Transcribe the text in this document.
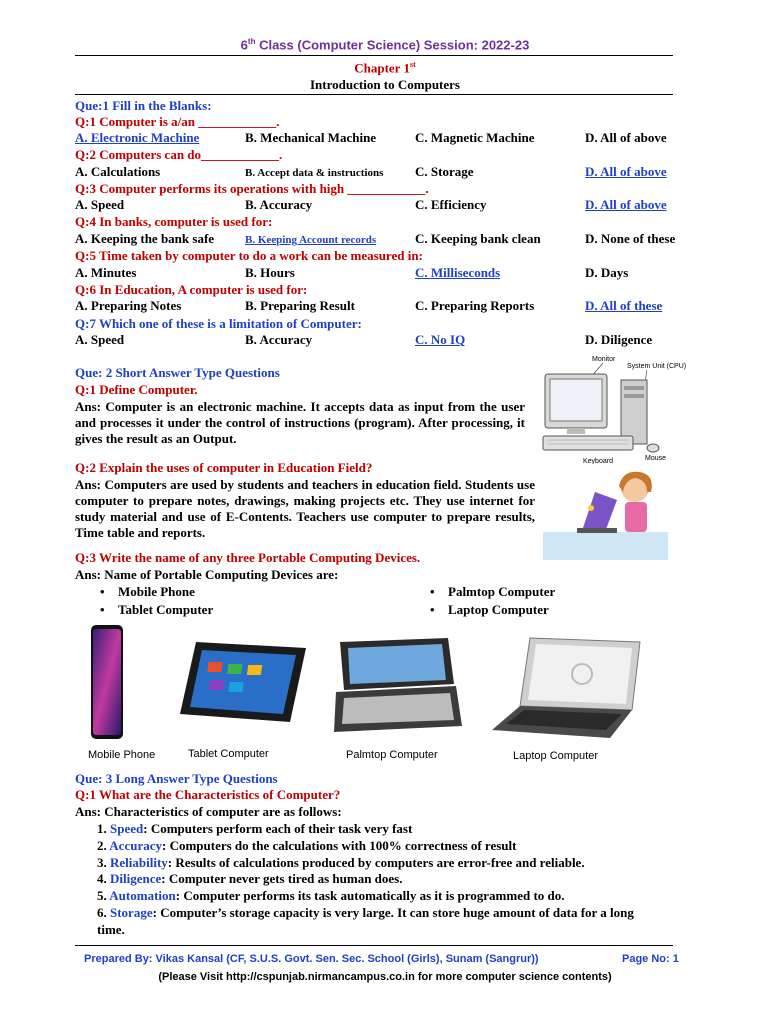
6th Class (Computer Science) Session: 2022-23
Chapter 1st
Introduction to Computers
Que:1 Fill in the Blanks:
Q:1 Computer is a/an ____________.
A. Electronic Machine	B. Mechanical Machine	C. Magnetic Machine	D. All of above
Q:2 Computers can do____________.
A. Calculations	B. Accept data & instructions C. Storage	D. All of above
Q:3 Computer performs its operations with high ____________.
A. Speed	B. Accuracy	C. Efficiency	D. All of above
Q:4 In banks, computer is used for:
A. Keeping the bank safe	B. Keeping Account records	C. Keeping bank clean	D. None of these
Q:5 Time taken by computer to do a work can be measured in:
A. Minutes	B. Hours	C. Milliseconds	D. Days
Q:6 In Education, A computer is used for:
A. Preparing Notes	B. Preparing Result	C. Preparing Reports	D. All of these
Q:7 Which one of these is a limitation of Computer:
A. Speed	B. Accuracy	C. No IQ	D. Diligence
Que: 2 Short Answer Type Questions
Q:1 Define Computer.
Ans: Computer is an electronic machine. It accepts data as input from the user and processes it under the control of instructions (program). After processing, it gives the result as an Output.
Monitor
System Unit (CPU)
Mouse
Keyboard
Q:2 Explain the uses of computer in Education Field?
Ans: Computers are used by students and teachers in education field. Students use computer to prepare notes, drawings, making projects etc. They use internet for study material and use of E-Contents. Teachers use computer to prepare results, Time table and reports.
Q:3 Write the name of any three Portable Computing Devices.
Ans: Name of Portable Computing Devices are:
• Mobile Phone
• Tablet Computer
• Palmtop Computer
• Laptop Computer
Mobile Phone	Tablet Computer	Palmtop Computer	Laptop Computer
Que: 3 Long Answer Type Questions
Q:1 What are the Characteristics of Computer?
Ans: Characteristics of computer are as follows:
1. Speed: Computers perform each of their task very fast
2. Accuracy: Computers do the calculations with 100% correctness of result
3. Reliability: Results of calculations produced by computers are error-free and reliable.
4. Diligence: Computer never gets tired as human does.
5. Automation: Computer performs its task automatically as it is programmed to do.
6. Storage: Computer’s storage capacity is very large. It can store huge amount of data for a long
time.
Prepared By: Vikas Kansal (CF, S.U.S. Govt. Sen. Sec. School (Girls), Sunam (Sangrur))	Page No: 1
(Please Visit http://cspunjab.nirmancampus.co.in for more computer science contents)
